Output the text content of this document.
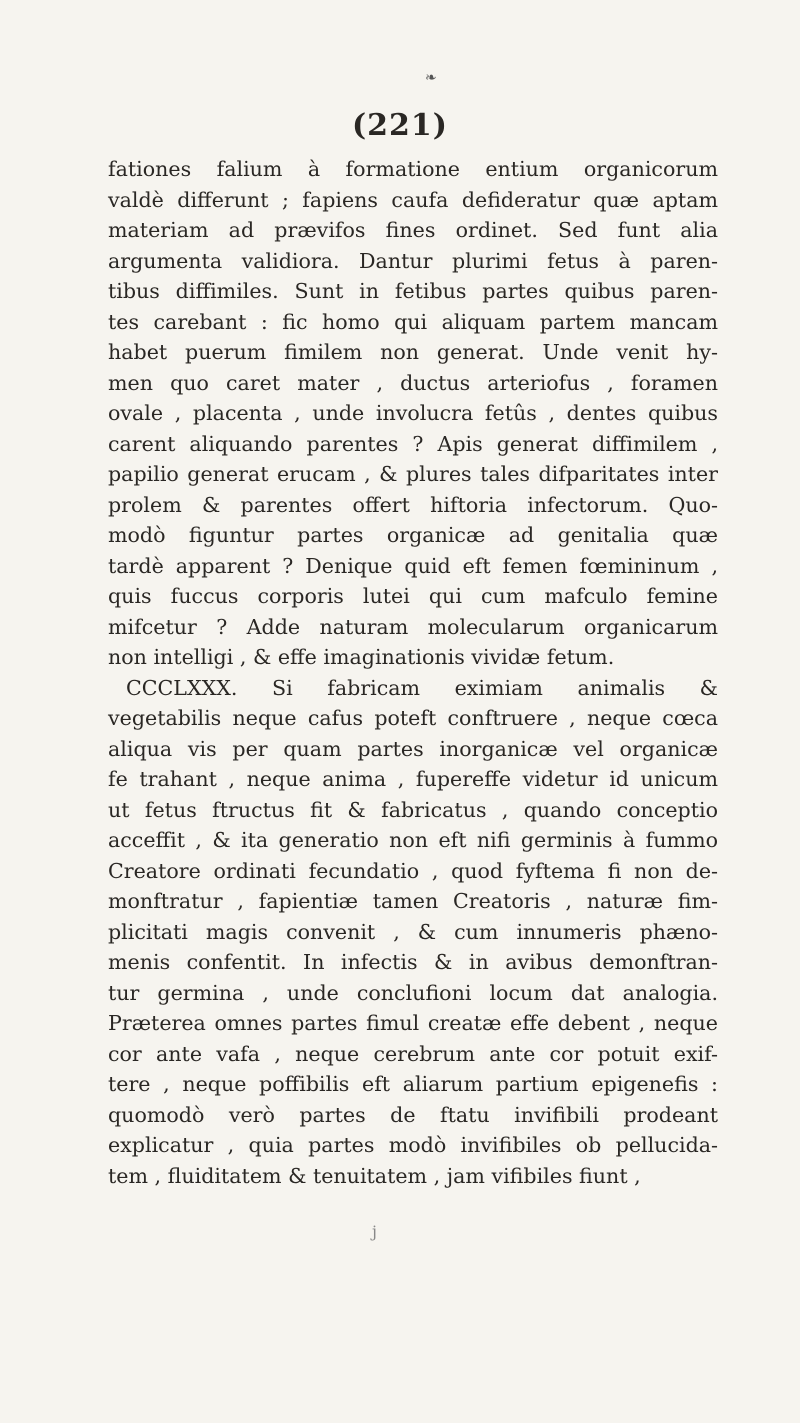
❧
(221)
fationes falium à formatione entium organicorum
valdè differunt ; fapiens caufa defideratur quæ aptam
materiam ad prævifos fines ordinet. Sed funt alia
argumenta validiora. Dantur plurimi fetus à paren-
tibus diffimiles. Sunt in fetibus partes quibus paren-
tes carebant : fic homo qui aliquam partem mancam
habet puerum fimilem non generat. Unde venit hy-
men quo caret mater , ductus arteriofus , foramen
ovale , placenta , unde involucra fetûs , dentes quibus
carent aliquando parentes ? Apis generat diffimilem ,
papilio generat erucam , & plures tales difparitates inter
prolem & parentes offert hiftoria infectorum. Quo-
modò figuntur partes organicæ ad genitalia quæ
tardè apparent ? Denique quid eft femen fœmininum ,
quis fuccus corporis lutei qui cum mafculo femine
mifcetur ? Adde naturam molecularum organicarum
non intelligi , & effe imaginationis vividæ fetum.
CCCLXXX. Si fabricam eximiam animalis &
vegetabilis neque cafus poteft conftruere , neque cœca
aliqua vis per quam partes inorganicæ vel organicæ
fe trahant , neque anima , fupereffe videtur id unicum
ut fetus ftructus fit & fabricatus , quando conceptio
acceffit , & ita generatio non eft nifi germinis à fummo
Creatore ordinati fecundatio , quod fyftema fi non de-
monftratur , fapientiæ tamen Creatoris , naturæ fim-
plicitati magis convenit , & cum innumeris phæno-
menis confentit. In infectis & in avibus demonftran-
tur germina , unde conclufioni locum dat analogia.
Præterea omnes partes fimul creatæ effe debent , neque
cor ante vafa , neque cerebrum ante cor potuit exif-
tere , neque poffibilis eft aliarum partium epigenefis :
quomodò verò partes de ftatu invifibili prodeant
explicatur , quia partes modò invifibiles ob pellucida-
tem , fluiditatem & tenuitatem , jam vifibiles fiunt ,
j
